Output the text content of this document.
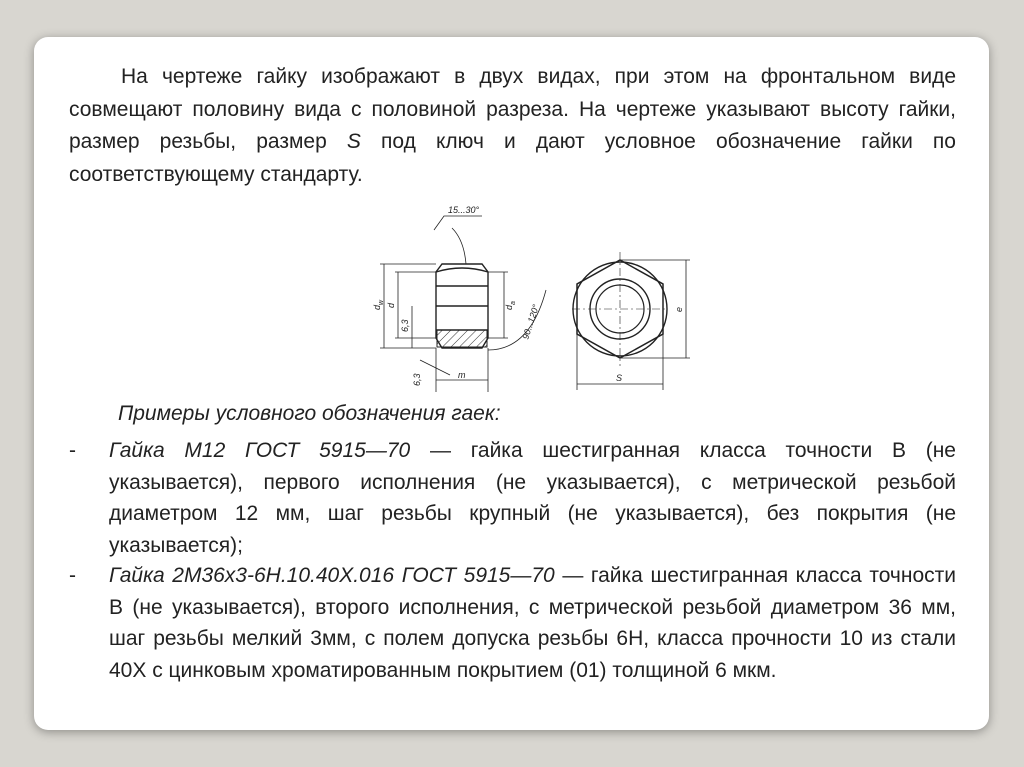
На чертеже гайку изображают в двух видах, при этом на фронтальном виде совмещают половину вида с половиной разреза. На чертеже указывают высоту гайки, размер резьбы, размер S под ключ и дают условное обозначение гайки по соответствующему стандарту.

15...30°
$d_w$
d
6,3
$d_a$
90...120°
6,3	m
e
S

Примеры условного обозначения гаек:

- Гайка М12 ГОСТ 5915—70 — гайка шестигранная класса точности В (не указывается), первого исполнения (не указывается), с метрической резьбой диаметром 12 мм, шаг резьбы крупный (не указывается), без покрытия (не указывается);
- Гайка 2М36х3-6Н.10.40Х.016 ГОСТ 5915—70 — гайка шестигранная класса точности В (не указывается), второго исполнения, с метрической резьбой диаметром 36 мм, шаг резьбы мелкий 3мм, с полем допуска резьбы 6Н, класса прочности 10 из стали 40Х с цинковым хроматированным покрытием (01) толщиной 6 мкм.
